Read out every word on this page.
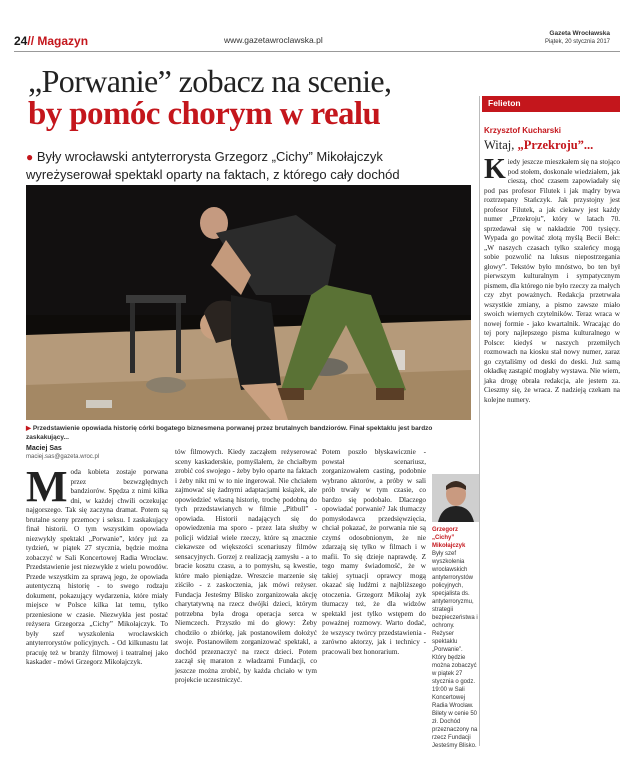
24// Magazyn	www.gazetawroclawska.pl
Gazeta Wrocławska
Piątek, 20 stycznia 2017
„Porwanie” zobacz na scenie,
by pomóc chorym w realu
● Były wrocławski antyterrorysta Grzegorz „Cichy” Mikołajczyk wyreżyserował spektakl oparty na faktach, z którego cały dochód
▶ Przedstawienie opowiada historię córki bogatego biznesmena porwanej przez brutalnych bandziorów. Finał spektaklu jest bardzo zaskakujący...
Maciej Sas
maciej.sas@gazeta.wroc.pl
Moda kobieta zostaje porwana przez bezwzględnych bandziorów. Spędza z nimi kilka dni, w każdej chwili oczekując najgorszego. Tak się zaczyna dramat. Potem są brutalne sceny przemocy i seksu. I zaskakujący finał historii. O tym wszystkim opowiada niezwykły spektakl „Porwanie”, który już za tydzień, w piątek 27 stycznia, będzie można zobaczyć w Sali Koncertowej Radia Wrocław. Przedstawienie jest niezwykłe z wielu powodów. Przede wszystkim za sprawą jego, że opowiada autentyczną historię - to swego rodzaju dokument, pokazujący wydarzenia, które miały miejsce w Polsce kilka lat temu, tylko przeniesione w czasie. Niezwykła jest postać reżysera Grzegorza „Cichy” Mikołajczyk. To były szef wyszkolenia wrocławskich antyterrorystów policyjnych. - Od kilkunastu lat pracuję też w branży filmowej i teatralnej jako kaskader - mówi Grzegorz Mikołajczyk.
tów filmowych. Kiedy zacząłem reżyserować sceny kaskaderskie, pomyślałem, że chciałbym zrobić coś swojego - żeby było oparte na faktach i żeby nikt mi w to nie ingerował. Nie chciałem zajmować się żadnymi adaptacjami książek, ale opowiedzieć własną historię, trochę podobną do tych przedstawianych w filmie „Pitbull” - opowiada. Historii nadających się do opowiedzenia ma sporo - przez lata służby w policji widział wiele rzeczy, które są znacznie ciekawsze od większości scenariuszy filmów sensacyjnych. Gorzej z realizacją zamysłu - a to bracie kosztu czasu, a to pomysłu, są kwestie, które mało pieniądze. Wreszcie marzenie się ziściło - z zaskoczenia, jak mówi reżyser. Fundacja Jesteśmy Blisko zorganizowała akcję charytatywną na rzecz dwójki dzieci, którym potrzebna była droga operacja serca w Niemczech. Przyszło mi do głowy: Żeby chodziło o zbiórkę, jak postanowiłem dołożyć swoje. Postanowiłem zorganizować spektakl, a dochód przeznaczyć na rzecz dzieci. Potem zaczął się maraton z władzami Fundacji, co jeszcze można zrobić, by każda chciało w tym projekcie uczestniczyć.
Potem poszło błyskawicznie - powstał scenariusz, zorganizowałem casting, podobnie wybrano aktorów, a próby w sali prób trwały w tym czasie, co bardzo się podobało. Dlaczego opowiadać porwanie? Jak tłumaczy pomysłodawca przedsięwzięcia, chciał pokazać, że porwania nie są czymś odosobnionym, że nie zdarzają się tylko w filmach i w mafii. To się dzieje naprawdę. Z tego mamy świadomość, że w takiej sytuacji oprawcy mogą okazać się ludźmi z najbliższego otoczenia. Grzegorz Mikołaj zyk tłumaczy też, że dla widzów spektakl jest tylko wstępem do poważnej rozmowy. Warto dodać, że wszyscy twórcy przedstawienia - zarówno aktorzy, jak i technicy - pracowali bez honorarium.
Grzegorz „Cichy” Mikołajczyk
Były szef wyszkolenia wrocławskich antyterrorystów policyjnych, specjalista ds. antyterroryzmu, strategii bezpieczeństwa i ochrony. Reżyser spektaklu „Porwanie”. Który będzie można zobaczyć w piątek 27 stycznia o godz. 19:00 w Sali Koncertowej Radia Wrocław. Bilety w cenie 50 zł. Dochód przeznaczony na rzecz Fundacji Jesteśmy Blisko.
Felieton
Krzysztof Kucharski
Witaj, „Przekroju”...
Kiedy jeszcze mieszkałem się na stojąco pod stołem, doskonale wiedziałem, jak cieszą, choć czasem zapowiadały się pod pas profesor Filutek i jak mądry bywa roztrzepany Stańczyk. Jak przystojny jest profesor Filutek, a jak ciekawy jest każdy numer „Przekroju”, który w latach 70. sprzedawał się w nakładzie 700 tysięcy. Wypada go powitać złotą myślą Becii Bełc: „W naszych czasach tylko szaleńcy mogą sobie pozwolić na luksus niepostrzegania głowy”. Tekstów było mnóstwo, bo ten był pierwszym kulturalnym i sympatycznym pismem, dla którego nie było rzeczy za małych czy zbyt poważnych. Redakcja przetrwała wszystkie zmiany, a pismo zawsze miało swoich wiernych czytelników. Teraz wraca w nowej formie - jako kwartalnik. Wracając do tej pory najlepszego pisma kulturalnego w Polsce: kiedyś w naszych przemiłych rozmowach na kiosku stał nowy numer, zaraz go czytaliśmy od deski do deski. Już samą okładkę zastąpić mogłaby wystawa. Nie wiem, jaka drogę obrała redakcja, ale jestem za. Cieszmy się, że wraca. Z nadzieją czekam na kolejne numery.
